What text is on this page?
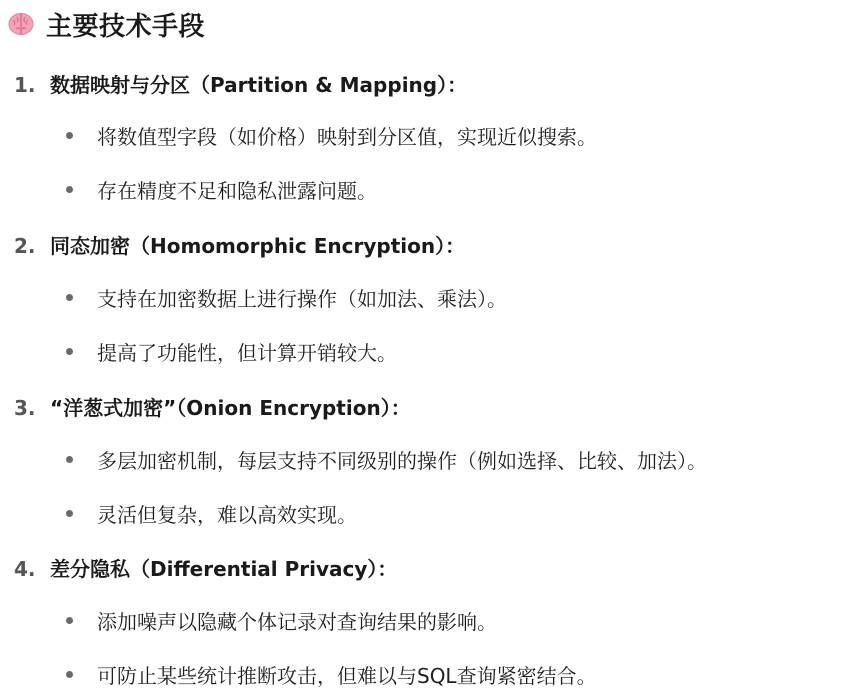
主要技术手段
1. 数据映射与分区（Partition & Mapping）：
将数值型字段（如价格）映射到分区值，实现近似搜索。
存在精度不足和隐私泄露问题。
2. 同态加密（Homomorphic Encryption）：
支持在加密数据上进行操作（如加法、乘法）。
提高了功能性，但计算开销较大。
3. “洋葱式加密”（Onion Encryption）：
多层加密机制，每层支持不同级别的操作（例如选择、比较、加法）。
灵活但复杂，难以高效实现。
4. 差分隐私（Differential Privacy）：
添加噪声以隐藏个体记录对查询结果的影响。
可防止某些统计推断攻击，但难以与SQL查询紧密结合。
